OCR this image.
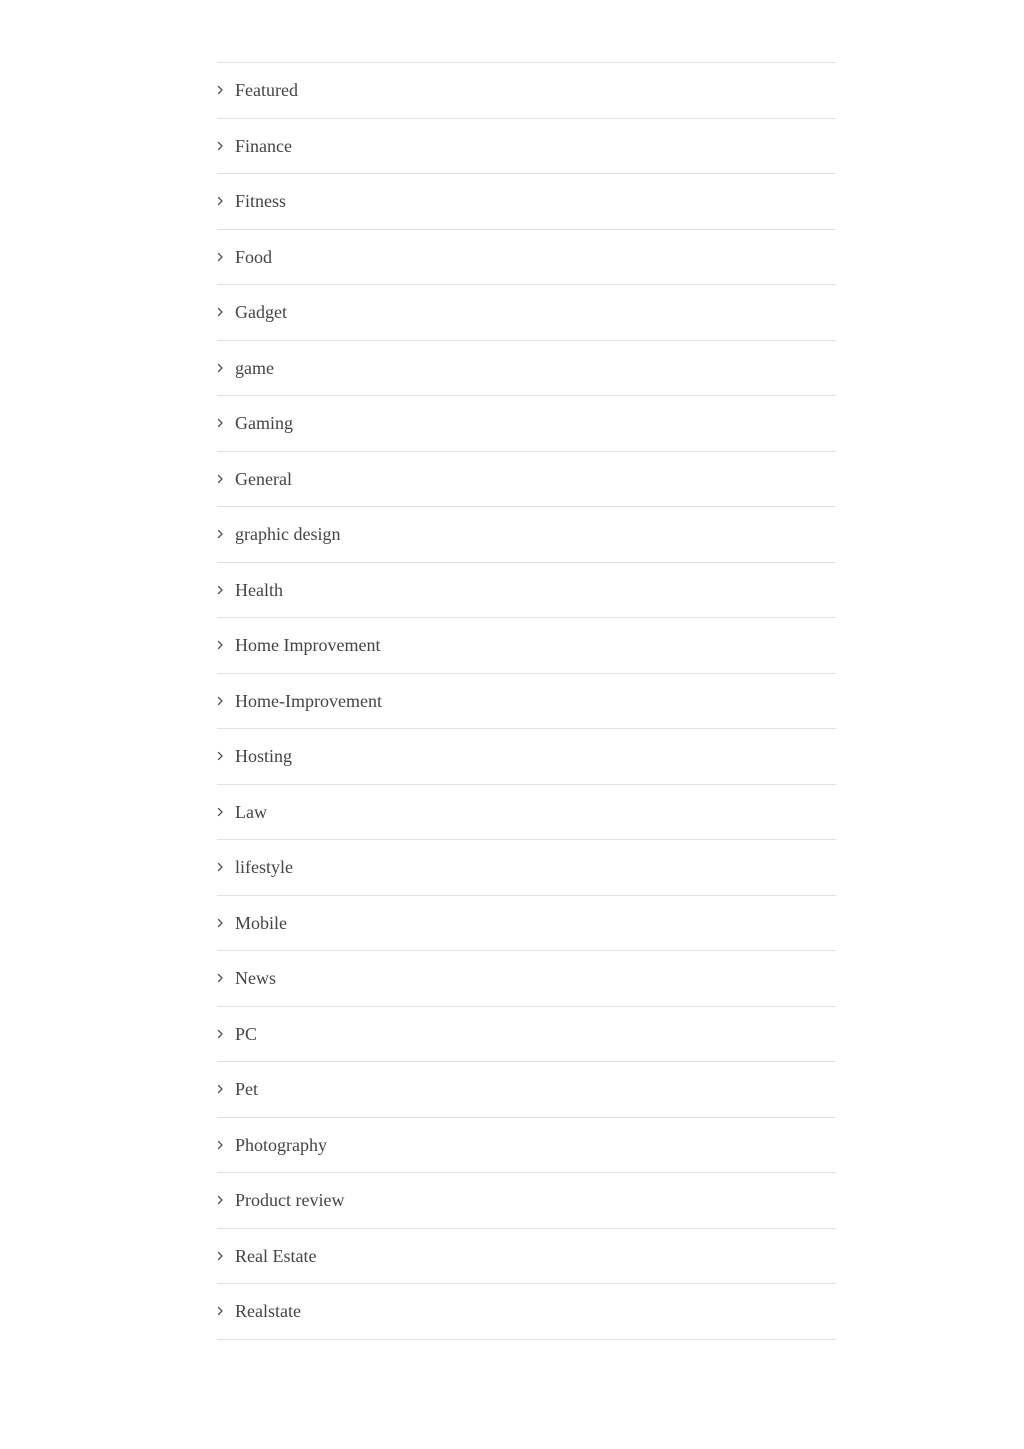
Featured
Finance
Fitness
Food
Gadget
game
Gaming
General
graphic design
Health
Home Improvement
Home-Improvement
Hosting
Law
lifestyle
Mobile
News
PC
Pet
Photography
Product review
Real Estate
Realstate
